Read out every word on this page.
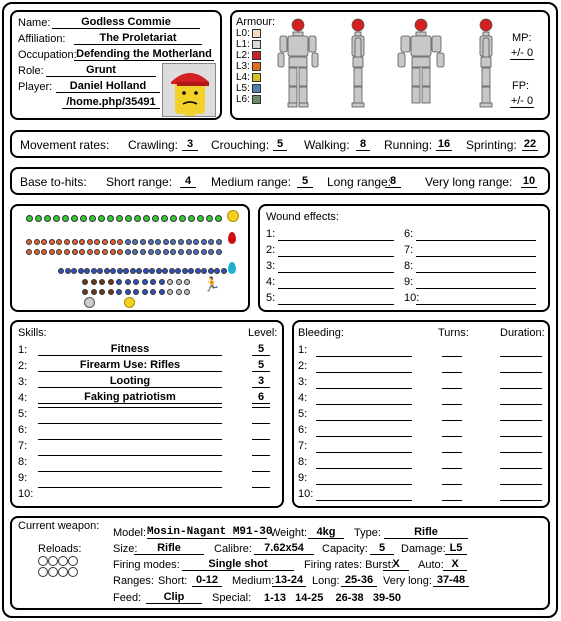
Name:	Godless Commie
Affiliation:	The Proletariat
Occupation: Defending the Motherland
Role:	Grunt
Player:	Daniel Holland
/home.php/35491
Armour:
L0:
L1:
L2:
L3:
L4:
L5:
L6:
MP:
+/- 0
FP:
+/- 0
Movement rates: Crawling: 3	Crouching: 5	Walking: 8	Running: 16 Sprinting: 22
Base to-hits: Short range:	4	Medium range: 5	Long range:
8	Very long range: 10
🏃
Wound effects:
1:
2:
3:
4:
5:
6:
7:
8:
9:
10:
Skills:	Level:
1:	Fitness	5
2:	Firearm Use: Rifles	5
3:	Looting	3
4:	Faking patriotism	6
5:
6:
7:
8:
9:
10:
Bleeding:	Turns:	Duration:
1:
2:
3:
4:
5:
6:
7:
8:
9:
10:
Current weapon:
Reloads:
Model: Mosin-Nagant M91-30
Weight: 4kg	Type:	Rifle
Size:	Rifle	Calibre:	7.62x54	Capacity:	5	Damage: L5
Firing modes:	Single shot	Firing rates: Burst:
X	Auto: X
Ranges: Short: 0-12	Medium: 13-24 Long: 25-36 Very long: 37-48
Feed:	Clip	Special: 1-13   14-25    26-38   39-50
